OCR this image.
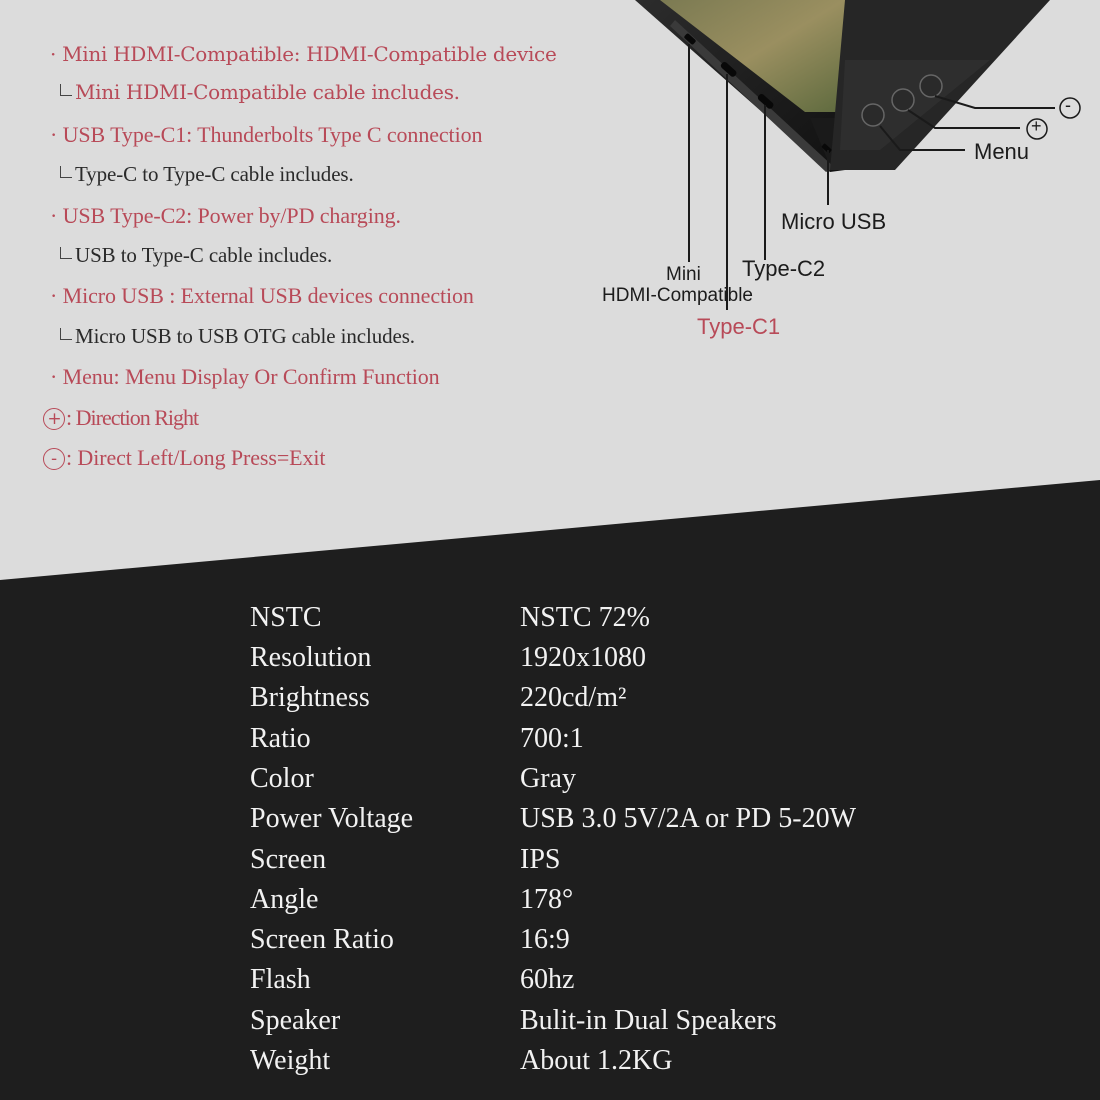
· Mini HDMI-Compatible: HDMI-Compatible device
Mini HDMI-Compatible cable includes.
· USB Type-C1: Thunderbolts Type C connection
Type-C to Type-C cable includes.
· USB Type-C2: Power by/PD charging.
USB to Type-C cable includes.
· Micro USB : External USB devices connection
Micro USB to USB OTG cable includes.
· Menu: Menu Display Or Confirm Function
+ : Direction Right
- : Direct Left/Long Press=Exit
-
+
Menu
Micro USB
Type-C2
Mini
HDMI-Compatible
Type-C1
NSTC	NSTC 72%
Resolution	1920x1080
Brightness	220cd/m²
Ratio	700:1
Color	Gray
Power Voltage	USB 3.0 5V/2A or PD 5-20W
Screen	IPS
Angle	178°
Screen Ratio	16:9
Flash	60hz
Speaker	Bulit-in Dual Speakers
Weight	About 1.2KG
